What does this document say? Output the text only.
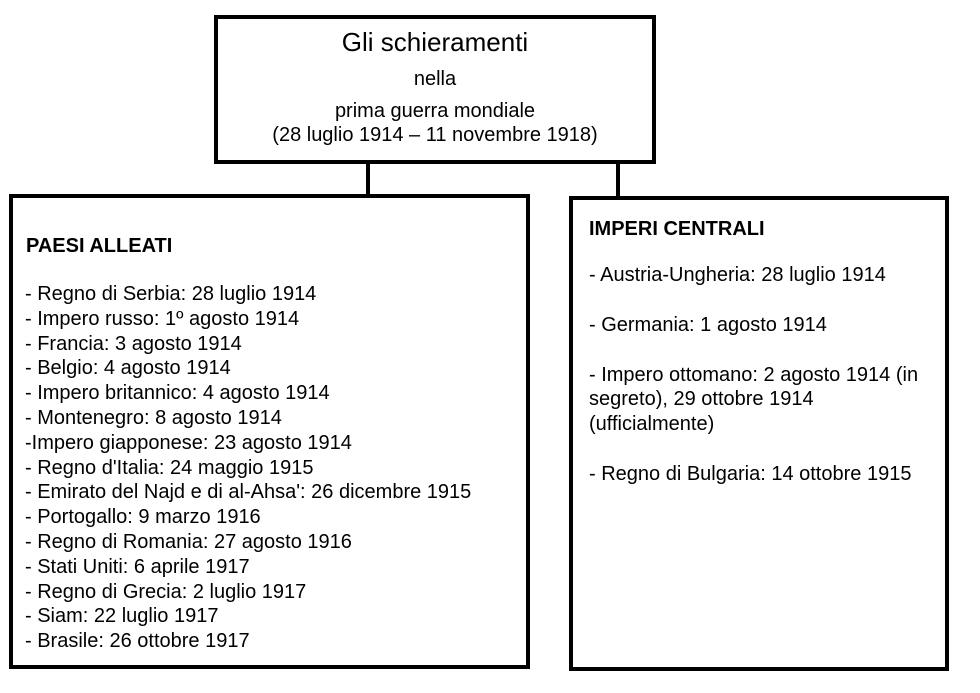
Gli schieramenti
nella
prima guerra mondiale
(28 luglio 1914 – 11 novembre 1918)
PAESI ALLEATI
- Regno di Serbia: 28 luglio 1914
- Impero russo: 1º agosto 1914
- Francia: 3 agosto 1914
- Belgio: 4 agosto 1914
- Impero britannico: 4 agosto 1914
- Montenegro: 8 agosto 1914
-Impero giapponese: 23 agosto 1914
- Regno d'Italia: 24 maggio 1915
- Emirato del Najd e di al-Ahsa': 26 dicembre 1915
- Portogallo: 9 marzo 1916
- Regno di Romania: 27 agosto 1916
- Stati Uniti: 6 aprile 1917
- Regno di Grecia: 2 luglio 1917
- Siam: 22 luglio 1917
- Brasile: 26 ottobre 1917
IMPERI CENTRALI
- Austria-Ungheria: 28 luglio 1914
- Germania: 1 agosto 1914
- Impero ottomano: 2 agosto 1914 (in segreto), 29 ottobre 1914 (ufficialmente)
- Regno di Bulgaria: 14 ottobre 1915
